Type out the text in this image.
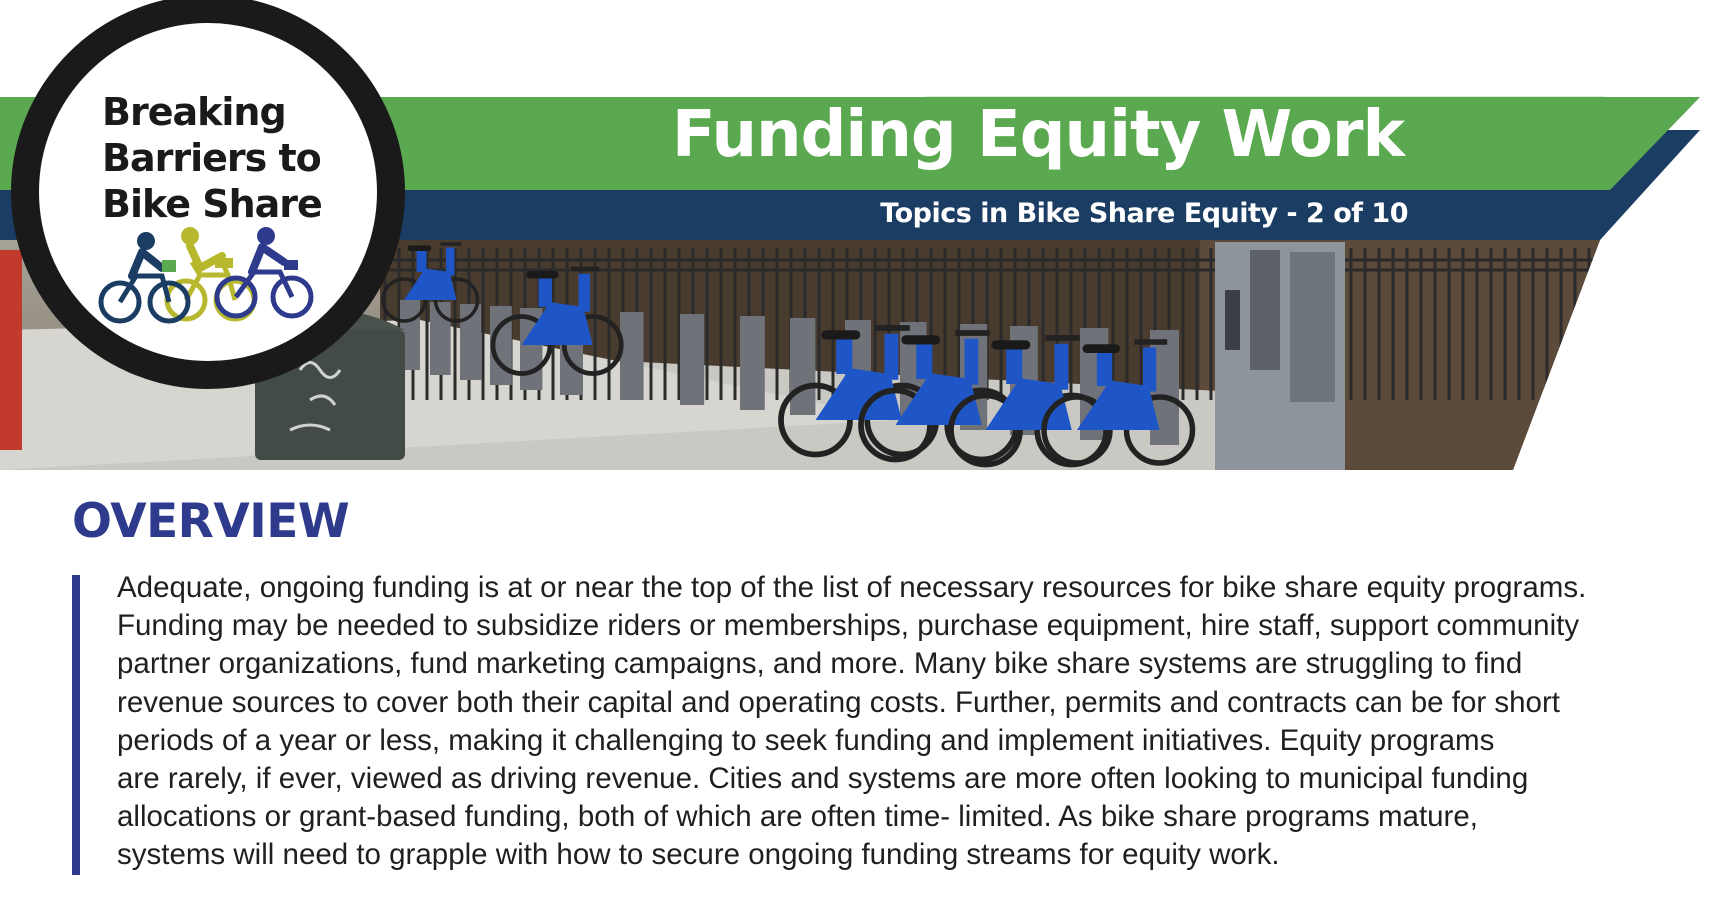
Breaking
Barriers to
Bike Share
Funding Equity Work
Topics in Bike Share Equity - 2 of 10
OVERVIEW
Adequate, ongoing funding is at or near the top of the list of necessary resources for bike share equity programs.
Funding may be needed to subsidize riders or memberships, purchase equipment, hire staff, support community
partner organizations, fund marketing campaigns, and more. Many bike share systems are struggling to find
revenue sources to cover both their capital and operating costs. Further, permits and contracts can be for short
periods of a year or less, making it challenging to seek funding and implement initiatives. Equity programs
are rarely, if ever, viewed as driving revenue. Cities and systems are more often looking to municipal funding
allocations or grant-based funding, both of which are often time- limited. As bike share programs mature,
systems will need to grapple with how to secure ongoing funding streams for equity work.
